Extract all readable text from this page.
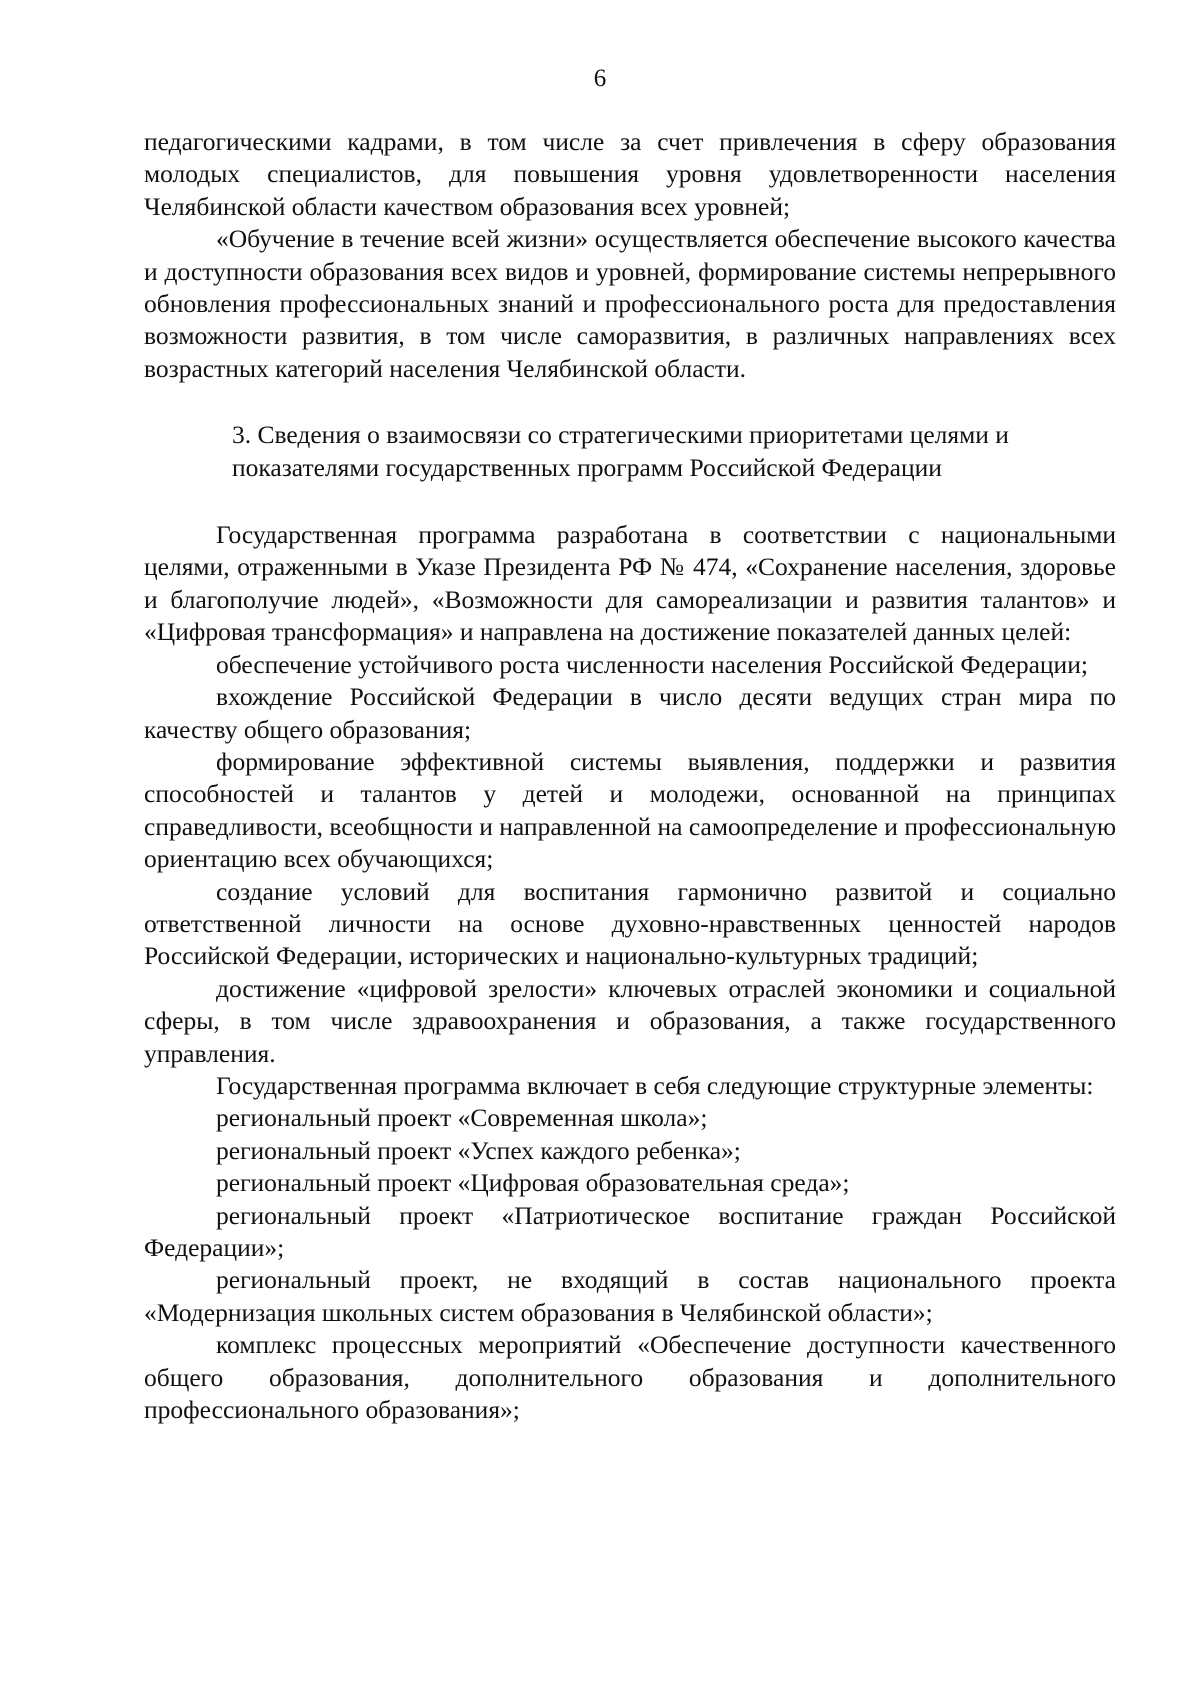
6

педагогическими кадрами, в том числе за счет привлечения в сферу образования молодых специалистов, для повышения уровня удовлетворенности населения Челябинской области качеством образования всех уровней;

«Обучение в течение всей жизни» осуществляется обеспечение высокого качества и доступности образования всех видов и уровней, формирование системы непрерывного обновления профессиональных знаний и профессионального роста для предоставления возможности развития, в том числе саморазвития, в различных направлениях всех возрастных категорий населения Челябинской области.

3. Сведения о взаимосвязи со стратегическими приоритетами целями и
показателями государственных программ Российской Федерации

Государственная программа разработана в соответствии с национальными целями, отраженными в Указе Президента РФ № 474, «Сохранение населения, здоровье и благополучие людей», «Возможности для самореализации и развития талантов» и «Цифровая трансформация» и направлена на достижение показателей данных целей:

обеспечение устойчивого роста численности населения Российской Федерации;

вхождение Российской Федерации в число десяти ведущих стран мира по качеству общего образования;

формирование эффективной системы выявления, поддержки и развития способностей и талантов у детей и молодежи, основанной на принципах справедливости, всеобщности и направленной на самоопределение и профессиональную ориентацию всех обучающихся;

создание условий для воспитания гармонично развитой и социально ответственной личности на основе духовно-нравственных ценностей народов Российской Федерации, исторических и национально-культурных традиций;

достижение «цифровой зрелости» ключевых отраслей экономики и социальной сферы, в том числе здравоохранения и образования, а также государственного управления.

Государственная программа включает в себя следующие структурные элементы:

региональный проект «Современная школа»;

региональный проект «Успех каждого ребенка»;

региональный проект «Цифровая образовательная среда»;

региональный проект «Патриотическое воспитание граждан Российской Федерации»;

региональный проект, не входящий в состав национального проекта «Модернизация школьных систем образования в Челябинской области»;

комплекс процессных мероприятий «Обеспечение доступности качественного общего образования, дополнительного образования и дополнительного профессионального образования»;
